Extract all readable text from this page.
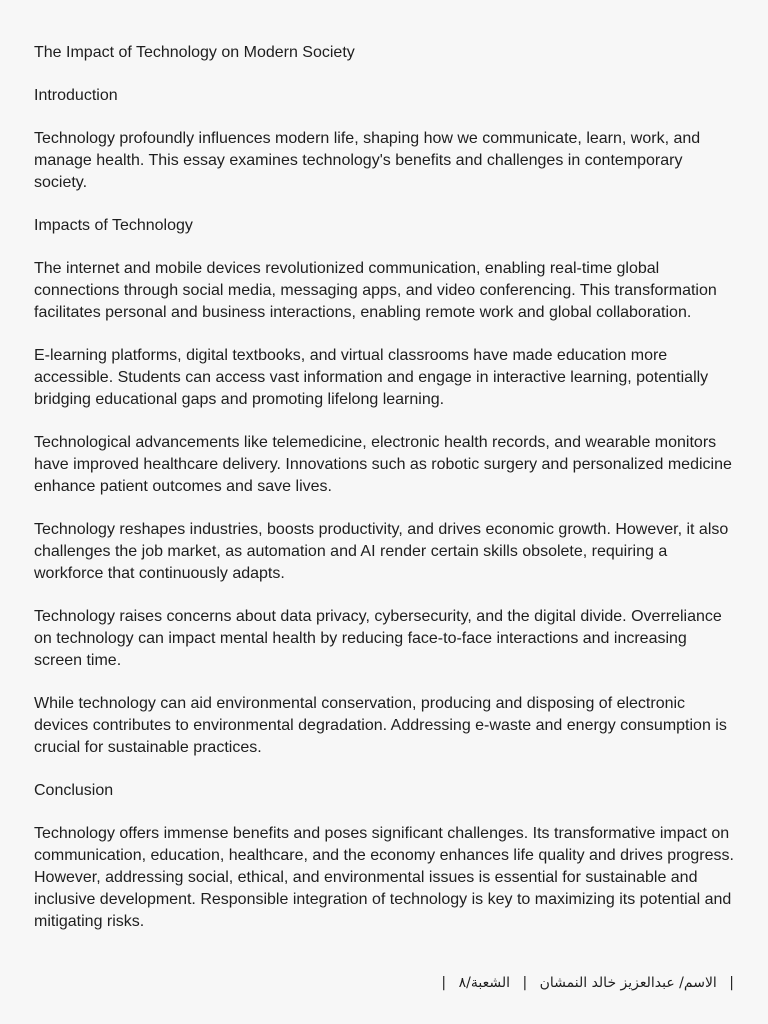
The Impact of Technology on Modern Society

Introduction

Technology profoundly influences modern life, shaping how we communicate, learn, work, and manage health. This essay examines technology's benefits and challenges in contemporary society.

Impacts of Technology

The internet and mobile devices revolutionized communication, enabling real-time global connections through social media, messaging apps, and video conferencing. This transformation facilitates personal and business interactions, enabling remote work and global collaboration.

E-learning platforms, digital textbooks, and virtual classrooms have made education more accessible. Students can access vast information and engage in interactive learning, potentially bridging educational gaps and promoting lifelong learning.

Technological advancements like telemedicine, electronic health records, and wearable monitors have improved healthcare delivery. Innovations such as robotic surgery and personalized medicine enhance patient outcomes and save lives.

Technology reshapes industries, boosts productivity, and drives economic growth. However, it also challenges the job market, as automation and AI render certain skills obsolete, requiring a workforce that continuously adapts.

Technology raises concerns about data privacy, cybersecurity, and the digital divide. Overreliance on technology can impact mental health by reducing face-to-face interactions and increasing screen time.

While technology can aid environmental conservation, producing and disposing of electronic devices contributes to environmental degradation. Addressing e-waste and energy consumption is crucial for sustainable practices.

Conclusion

Technology offers immense benefits and poses significant challenges. Its transformative impact on communication, education, healthcare, and the economy enhances life quality and drives progress. However, addressing social, ethical, and environmental issues is essential for sustainable and inclusive development. Responsible integration of technology is key to maximizing its potential and mitigating risks.

| الاسم/ عبدالعزيز خالد النمشان | الشعبة/٨ |
